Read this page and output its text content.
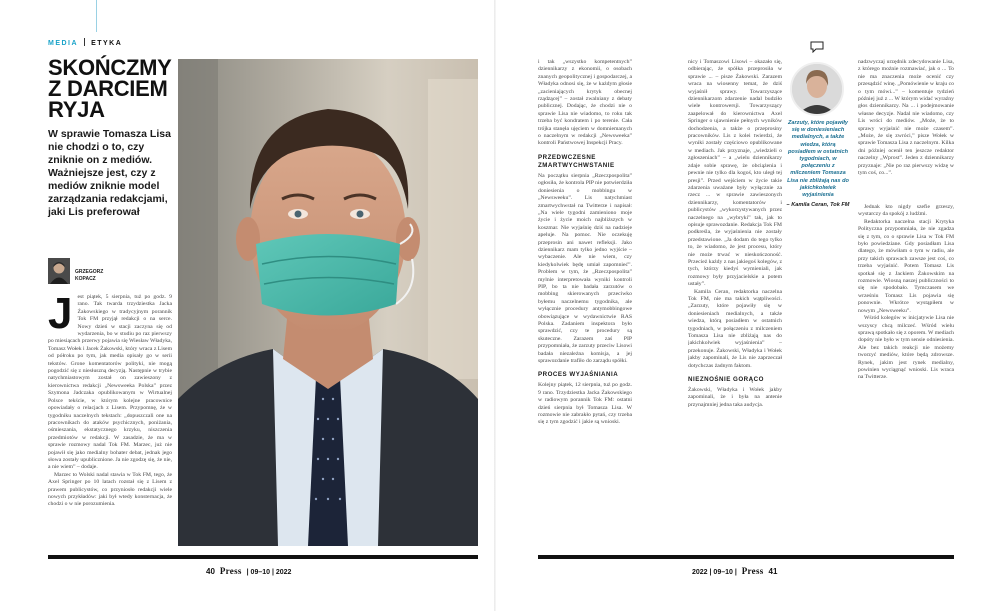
MEDIA ETYKA
SKOŃCZMY
Z DARCIEM
RYJA
W sprawie Tomasza Lisa nie chodzi o to, czy zniknie on z mediów. Ważniejsze jest, czy z mediów zniknie model zarządzania redakcjami, jaki Lis preferował
GRZEGORZ
KOPACZ
J est piątek, 5 sierpnia, tuż po godz. 9 rano. Tak twarda trzydziestka Jacka Żakowskiego w tradycyjnym porannik Tok FM przyjął redakcji o na serce. Nowy dzień w stacji zaczyna się od wydarzenia, bo w studiu po raz pierwszy po miesiącach przerwy pojawia się Wiesław Władyka, Tomasz Wołek i Jacek Żakowski, który wraca z Lisem od półroku po tym, jak media opisały go w serii tekstów. Grone komentatorów polityki, nie mogą pogodzić się z niesłuszną decyzją. Następnie w trybie natychmiastowym został on zawieszony z kierownictwa redakcji „Newsweeka Polska” przez Szymona Jadczaka opublikowanym w Wirtualnej Polsce tekście, w którym kolejne pracownice opowiadały o relacjach z Lisem. Przypomnę, że w tygodniku naczelnych tekstach: „dopuszczali one na pracownikach do ataków psychicznych, poniżania, ośmieszania, ekstatycznego krzyku, niszczenia przedmiotów w redakcji. W zasadzie, że ma w sprawie rozmowy nadal Tok FM. Marzec, już nie pojawił się jako medialny bohater debat, jednak jego słowa zostały upublicznione. Ja nie zgodzę się, że nie, a nie wiem” – dodaje.

Marzec to Wolski nadal stawia w Tok FM, tego, że Axel Springer po 10 latach rozstał się z Lisem z prawem publicystów, co przyniosło redakcji wiele nowych przykładów: jaki był wtedy konsternacja, że chodzi o w nie porozumienia.

40 Press | 09–10 | 2022

i tak „wszystko kompetentnych” dziennikarzy z ekonomii, o osobach znanych geopolitycznej i gospodarczej, a Władyka odnosi się, że w każdym głosie „zacieniających krytyk obecnej rządzącej” – został zwalniany z debaty publicznej. Dodając, że chodzi nie o sprawie Lisa nie wiadomo, to roku tak trzeba być kondratem i po terenie. Cała trójka stanęła ujęciem w domniemanych o naczelnym w redakcji „Newsweeka” kontroli Państwowej Inspekcji Pracy.

PRZEDWCZESNE ZMARTWYCHWSTANIE

Na początku sierpnia „Rzeczpospolita” ogłosiła, że kontrola PIP nie potwierdziła doniesienia o mobbingu w „Newsweeku”. Lis natychmiast zmartwychwstał na Twitterze i napisał: „Na wiele tygodni zamieniono moje życie i życie moich najbliższych w koszmar. Nie wyjaśnię dziś na nadzieje apeluje. Na pomoc. Nie oczekuję przeprosin ani nawet refleksji. Jako dziennikarz mam tylko jedno wyjście – wybaczenie. Ale nie wiem, czy kiedykolwiek będę umiał zapomnieć”. Problem w tym, że „Rzeczpospolita” mylnie interpretowała wyniki kontroli PIP, bo ta nie badała zarzutów o mobbing skierowanych przeciwko byłemu naczelnemu tygodnika, ale wyłącznie procedury antymobbingowe obowiązujące w wydawnictwie RAS Polska. Zadaniem inspektora było sprawdzić, czy te procedury są skuteczne. Zarazem zaś PIP przypomniała, że zarzuty przeciw Lisowi badała niezależna komisja, a jej sprawozdanie trafiło do zarządu spółki.

PROCES WYJAŚNIANIA

Kolejny piątek, 12 sierpnia, tuż po godz. 9 rano. Trzydziestka Jacka Żakowskiego w radiowym porannik Tok FM: ostatni dzień sierpnia był Tomasza Lisa. W rozmowie nie zabrakło pytań, czy trzeba się z tym zgodzić i jakie są wnioski.

nicy i Tomaszowi Lisowi – okazało się, odbierając, że spółka przeprosiła w sprawie ... – pisze Żakowski. Zarazem wraca na wiosenny temat, że dziś wyjaśnił sprawy. Towarzyszące dziennikarzom zdarzenie nadal budziło wiele kontrowersji. Towarzyszący zaapelował do kierownictwa Axel Springer o ujawnienie pełnych wyników dochodzenia, a także o przeprosiny pracowników. Lis z kolei twierdzi, że wyniki zostały częściowo opublikowane w mediach. Jak przyznaje, „wiedzieli o zgłoszeniach” – a „wielu dziennikarzy zdaje sobie sprawę, że obciążenia i pewnie nie tylko dla kogoś, kto uległ tej presji”. Przed wejściem w życie takie zdarzenia uważane były wyłącznie za rzecz ... w sprawie zawieszonych dziennikarzy, komentatorów i publicystów „wykorzystywanych przez naczelnego na „wybryki” tak, jak to opisuje sprawozdanie. Redakcja Tok FM podkreśla, że wyjaśnienia nie zostały przedstawione. „Ja dodam do tego tylko to, że wiadomo, że jest procesu, który nie może trwać w nieskończoność. Przecież każdy z nas jakiegoś kolegów, z tych, którzy kiedyś wymieniali, jak rozmowy były przyjacielskie a potem ustały”.

Kamila Ceran, redaktorka naczelna Tok FM, nie ma takich wątpliwości. „Zarzuty, które pojawiły się w doniesieniach medialnych, a także wiedza, którą posiadłem w ostatnich tygodniach, w połączeniu z milczeniem Tomasza Lisa nie zbliżają nas do jakichkolwiek wyjaśnienia” – przekonuje. Żakowski, Władyka i Wołek jakby zapominali, że Lis nie zaprzeczał dotychczas żadnym faktom.

NIEZNOŚNIE GORĄCO

Żakowski, Władyka i Wołek jakby zapominali, że i była na antenie przynajmniej jedna taka audycja.

Zarzuty, które pojawiły się w doniesieniach medialnych, a także wiedza, którą posiadłem w ostatnich tygodniach, w połączeniu z milczeniem Tomasza Lisa nie zbliżają nas do jakichkolwiek wyjaśnienia
– Kamila Ceran, Tok FM

nadzwyczaj urzędnik zdecydowanie Lisa, z którego możnie rozmawiać, jak o ... To nie ma znaczenia może ocenić czy przesądzić winę. „Pomówienie w kraju co o tym mówi...” – komentuje tydzień później już z ... W którym widać wyraźny głos dziennikarzy. Na ... i podejmowanie własne decyzje. Nadal nie wiadomo, czy Lis wróci do mediów. „Może, że to sprawy wyjaśnić nie może czasem”. „Może, że się zwróci,” pisze Wołek w sprawie Tomasza Lisa z naczelnym. Kilka dni później ocenił ten jeszcze redaktor naczelny „Wprost”. Jeden z dziennikarzy przyznaje: „Nie po raz pierwszy widzę w tym coś, co...”.

Jednak kto nigdy szefie grzeszy, wystarczy da spokój z ludźmi.

Redaktorka naczelna stacji Krytyka Polityczna przypomniała, że nie zgadza się z tym, co o sprawie Lisa w Tok FM było powiedziane. Gdy posiadłam Lisa dlatego, że mówiłam o tym w radiu, ale przy takich sprawach zawsze jest coś, co trzeba wyjaśnić. Potem Tomasz Lis spotkał się z Jackiem Żakowskim na rozmowie. Wiosną naszej publiczności to się nie spodobało. Tymczasem we wrześniu Tomasz Lis pojawia się ponownie. Wkrótce wystąpiłem w nowym „Newsweeku”.

Wśród kolegów w inicjatywie Lisa nie wszyscy chcą milczeć. Wśród wielu sprawą spotkało się z oporem. W mediach dopóty nie było w tym sensie odniesienia. Ale bez takich reakcji nie możemy tworzyć mediów, które będą zdrowsze. Rynek, jakim jest rynek medialny, powinien wyciągnąć wnioski. Lis wraca na Twitterze.

2022 | 09–10 | Press 41
